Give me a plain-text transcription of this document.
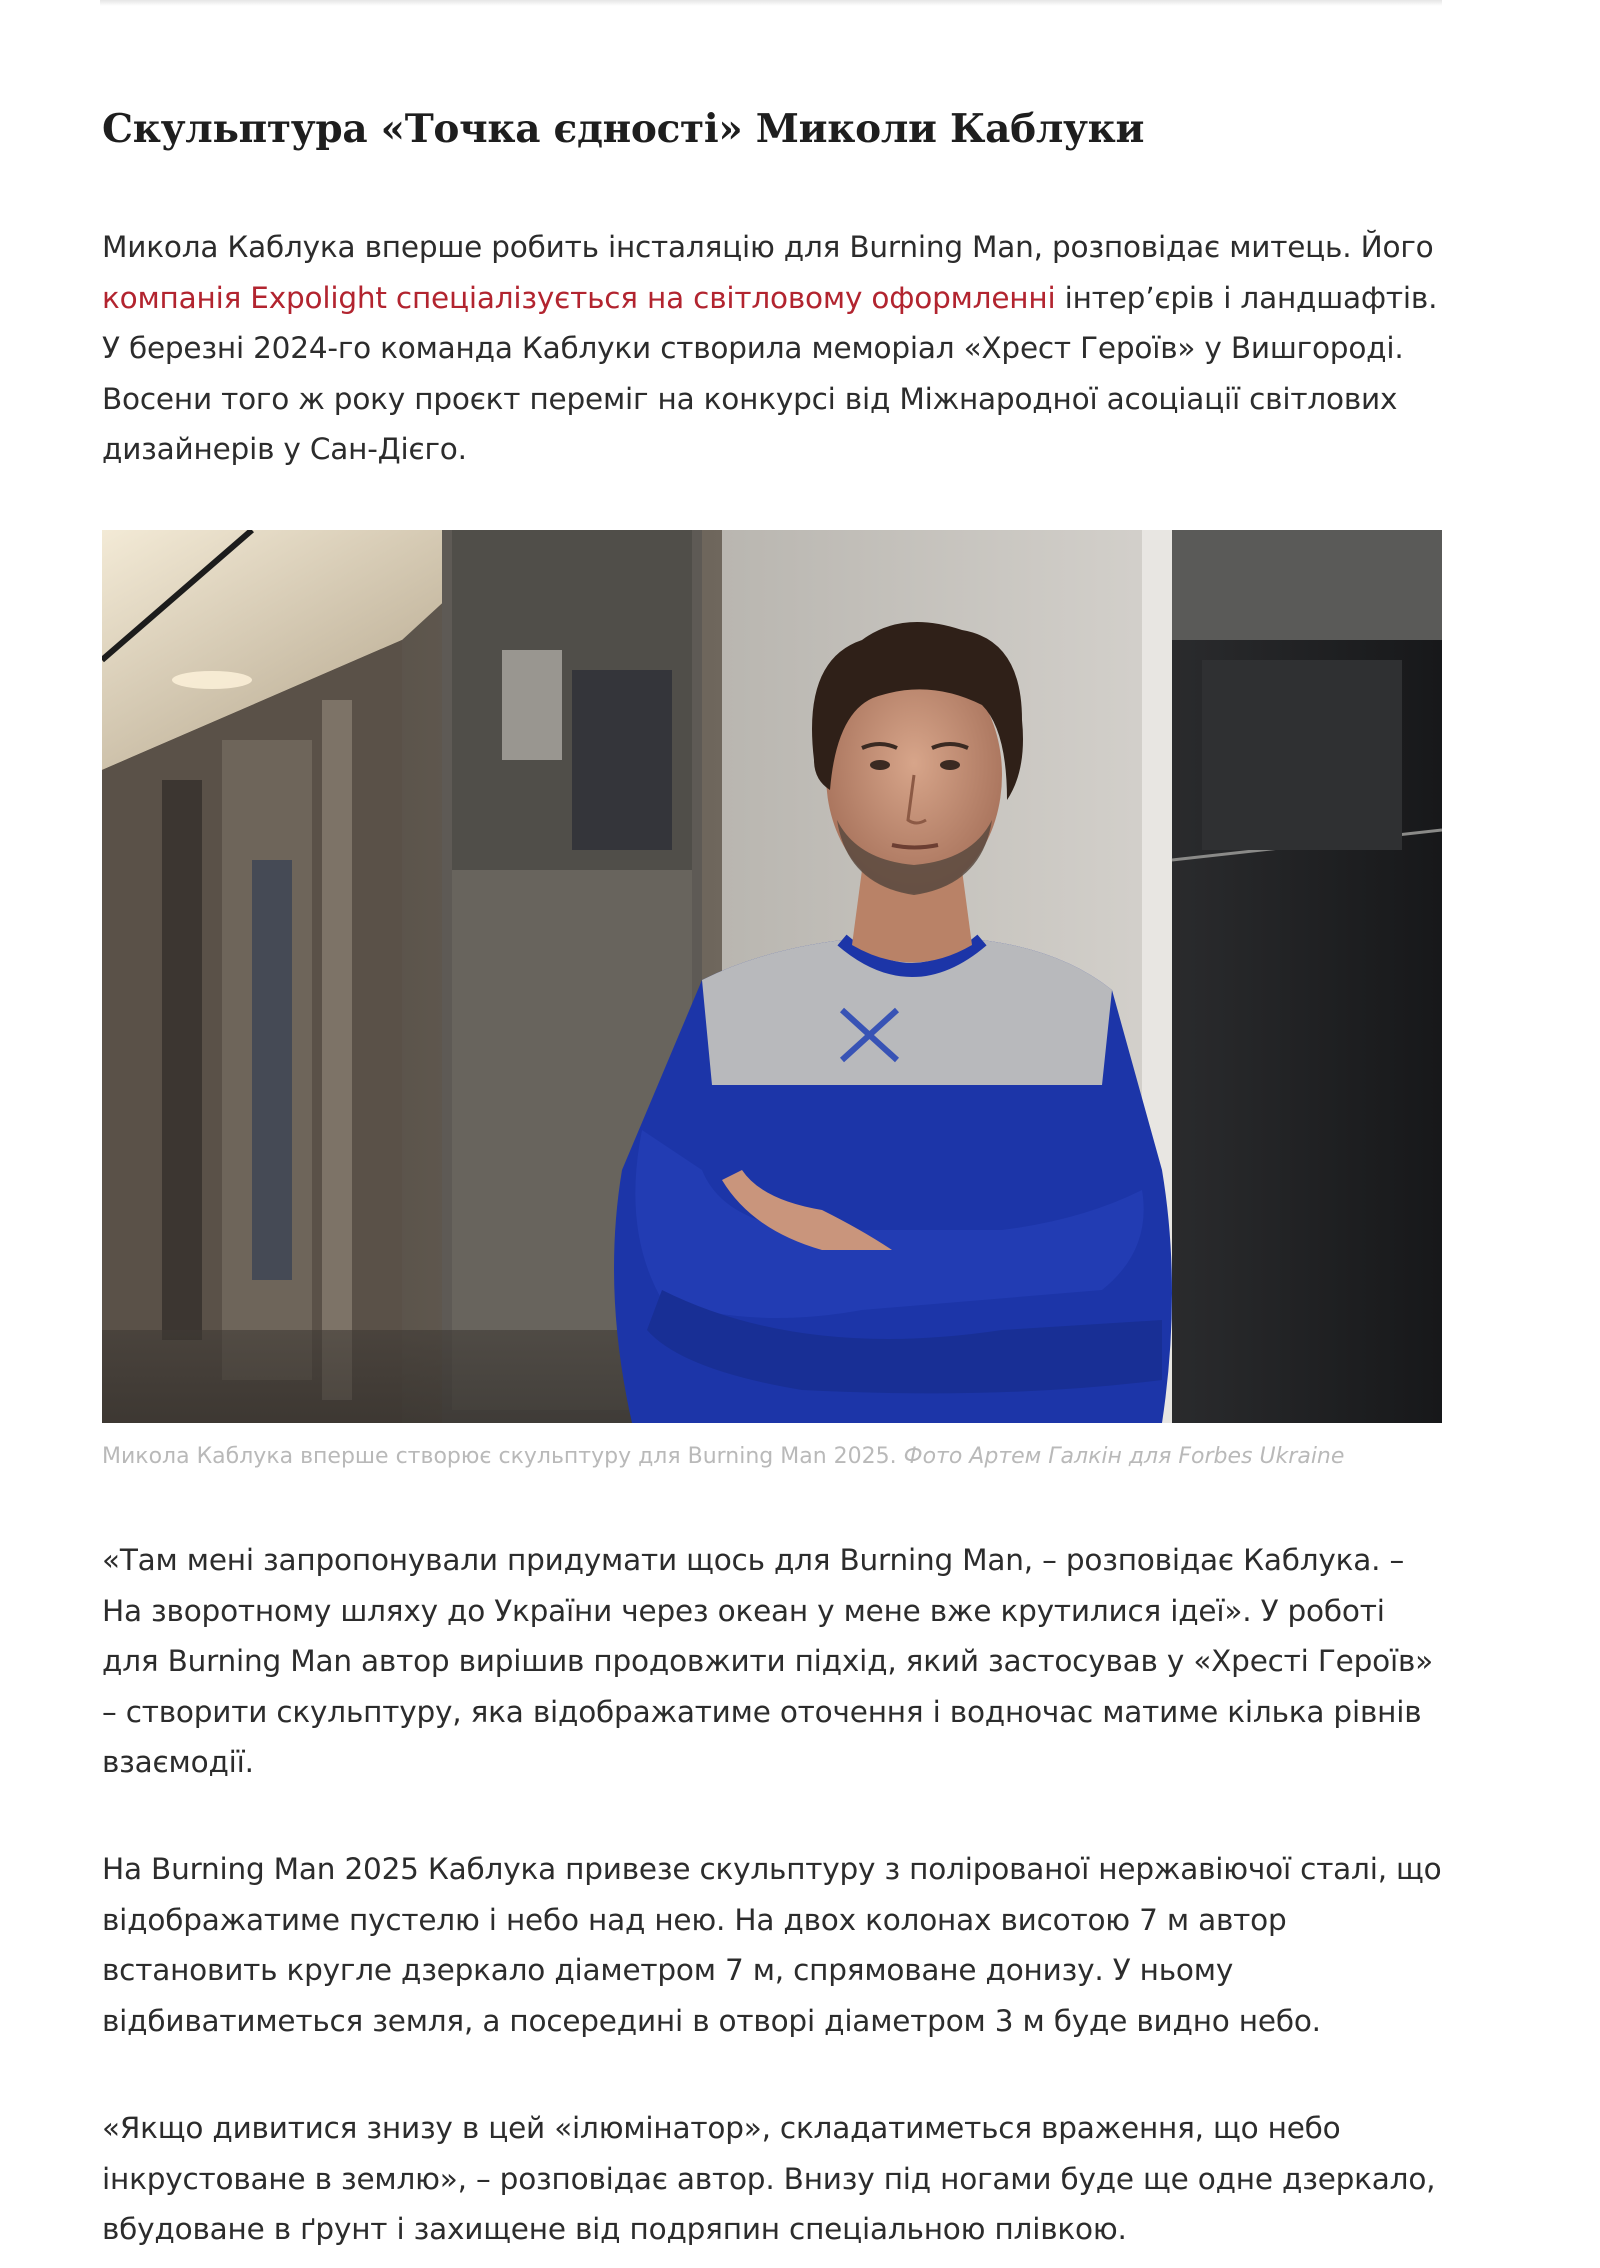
Скульптура «Точка єдності» Миколи Каблуки

Микола Каблука вперше робить інсталяцію для Burning Man, розповідає митець. Його компанія Expolight спеціалізується на світловому оформленні інтер’єрів і ландшафтів. У березні 2024-го команда Каблуки створила меморіал «Хрест Героїв» у Вишгороді. Восени того ж року проєкт переміг на конкурсі від Міжнародної асоціації світлових дизайнерів у Сан-Дієго.

Микола Каблука вперше створює скульптуру для Burning Man 2025. Фото Артем Галкін для Forbes Ukraine

«Там мені запропонували придумати щось для Burning Man, – розповідає Каблука. – На зворотному шляху до України через океан у мене вже крутилися ідеї». У роботі для Burning Man автор вирішив продовжити підхід, який застосував у «Хресті Героїв» – створити скульптуру, яка відображатиме оточення і водночас матиме кілька рівнів взаємодії.

На Burning Man 2025 Каблука привезе скульптуру з полірованої нержавіючої сталі, що відображатиме пустелю і небо над нею. На двох колонах висотою 7 м автор встановить кругле дзеркало діаметром 7 м, спрямоване донизу. У ньому відбиватиметься земля, а посередині в отворі діаметром 3 м буде видно небо.

«Якщо дивитися знизу в цей «ілюмінатор», складатиметься враження, що небо інкрустоване в землю», – розповідає автор. Внизу під ногами буде ще одне дзеркало, вбудоване в ґрунт і захищене від подряпин спеціальною плівкою.
